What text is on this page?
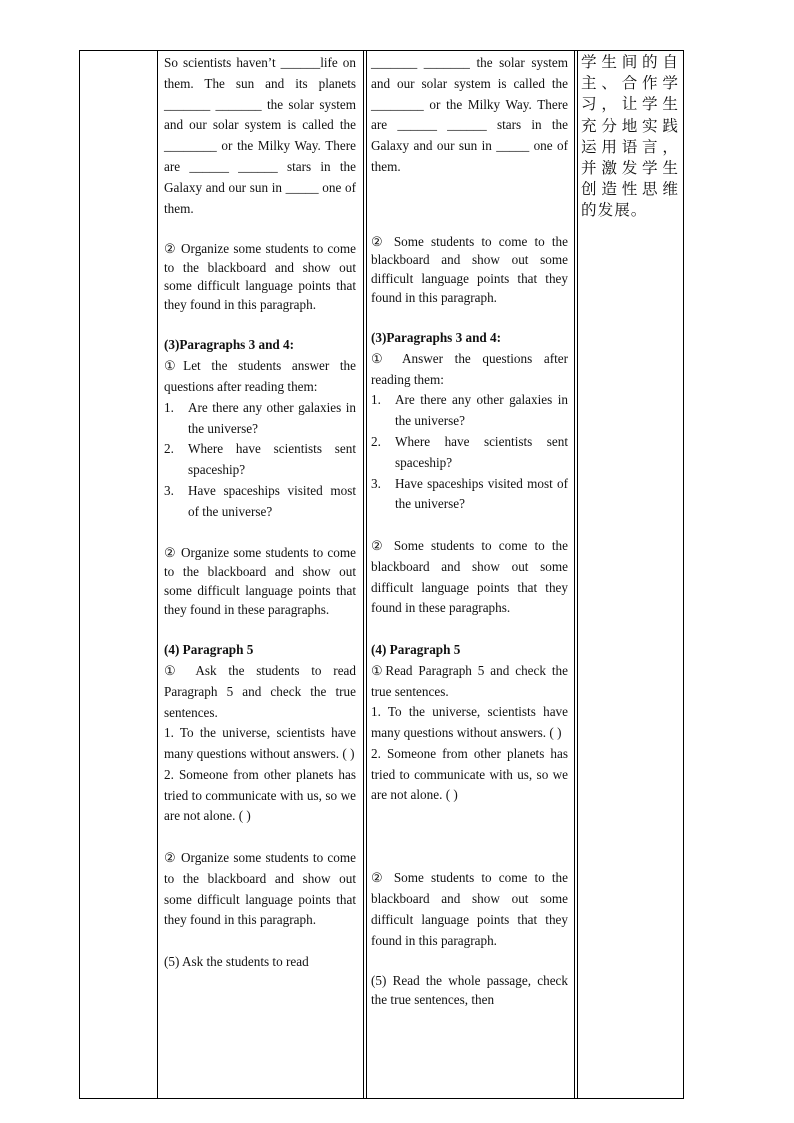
So scientists haven’t ______life on them. The sun and its planets _______ _______ the solar system and our solar system is called the ________ or the Milky Way. There are ______ ______ stars in the Galaxy and our sun in _____ one of them.

② Organize some students to come to the blackboard and show out some difficult language points that they found in this paragraph.

(3)Paragraphs 3 and 4:

①Let the students answer the questions after reading them:

1.	Are there any other galaxies in the universe?
2.	Where have scientists sent spaceship?
3.	Have spaceships visited most of the universe?

② Organize some students to come to the blackboard and show out some difficult language points that they found in these paragraphs.

(4) Paragraph 5

① Ask the students to read Paragraph 5 and check the true sentences.

1. To the universe, scientists have many questions without answers. ( )

2. Someone from other planets has tried to communicate with us, so we are not alone. ( )

② Organize some students to come to the blackboard and show out some difficult language points that they found in this paragraph.

(5) Ask the students to read

_______ _______ the solar system and our solar system is called the ________ or the Milky Way. There are ______ ______ stars in the Galaxy and our sun in _____ one of them.

② Some students to come to the blackboard and show out some difficult language points that they found in this paragraph.

(3)Paragraphs 3 and 4:

① Answer the questions after reading them:

1.	Are there any other galaxies in the universe?
2.	Where have scientists sent spaceship?
3.	Have spaceships visited most of the universe?

② Some students to come to the blackboard and show out some difficult language points that they found in these paragraphs.

(4) Paragraph 5

①Read Paragraph 5 and check the true sentences.

1. To the universe, scientists have many questions without answers. ( )

2. Someone from other planets has tried to communicate with us, so we are not alone. ( )

② Some students to come to the blackboard and show out some difficult language points that they found in this paragraph.

(5) Read the whole passage, check the true sentences, then

学生间的自主、合作学习，让学生充分地实践运用语言，并激发学生创造性思维的发展。
